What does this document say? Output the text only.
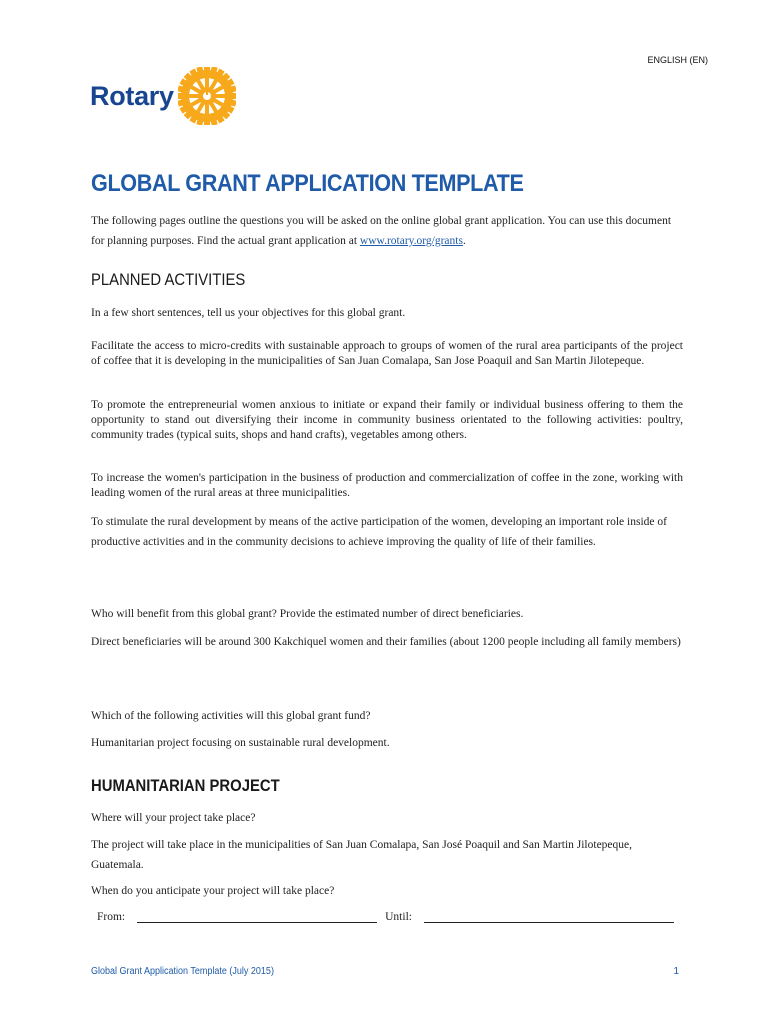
ENGLISH (EN)
Rotary
GLOBAL GRANT APPLICATION TEMPLATE
The following pages outline the questions you will be asked on the online global grant application. You can use this document for planning purposes. Find the actual grant application at www.rotary.org/grants.
PLANNED ACTIVITIES
In a few short sentences, tell us your objectives for this global grant.
Facilitate the access to micro-credits with sustainable approach to groups of women of the rural area participants of the project of coffee that it is developing in the municipalities of San Juan Comalapa, San Jose Poaquil and San Martin Jilotepeque.
To promote the entrepreneurial women anxious to initiate or expand their family or individual business offering to them the opportunity to stand out diversifying their income in community business orientated to the following activities: poultry, community trades (typical suits, shops and hand crafts), vegetables among others.
To increase the women's participation in the business of production and commercialization of coffee in the zone, working with leading women of the rural areas at three municipalities.
To stimulate the rural development by means of the active participation of the women, developing an important role inside of productive activities and in the community decisions to achieve improving the quality of life of their families.
Who will benefit from this global grant? Provide the estimated number of direct beneficiaries.
Direct beneficiaries will be around 300 Kakchiquel women and their families (about 1200 people including all family members)
Which of the following activities will this global grant fund?
Humanitarian project focusing on sustainable rural development.
HUMANITARIAN PROJECT
Where will your project take place?
The project will take place in the municipalities of San Juan Comalapa, San José Poaquil and San Martin Jilotepeque, Guatemala.
When do you anticipate your project will take place?
From:	Until:
Global Grant Application Template (July 2015)	1
